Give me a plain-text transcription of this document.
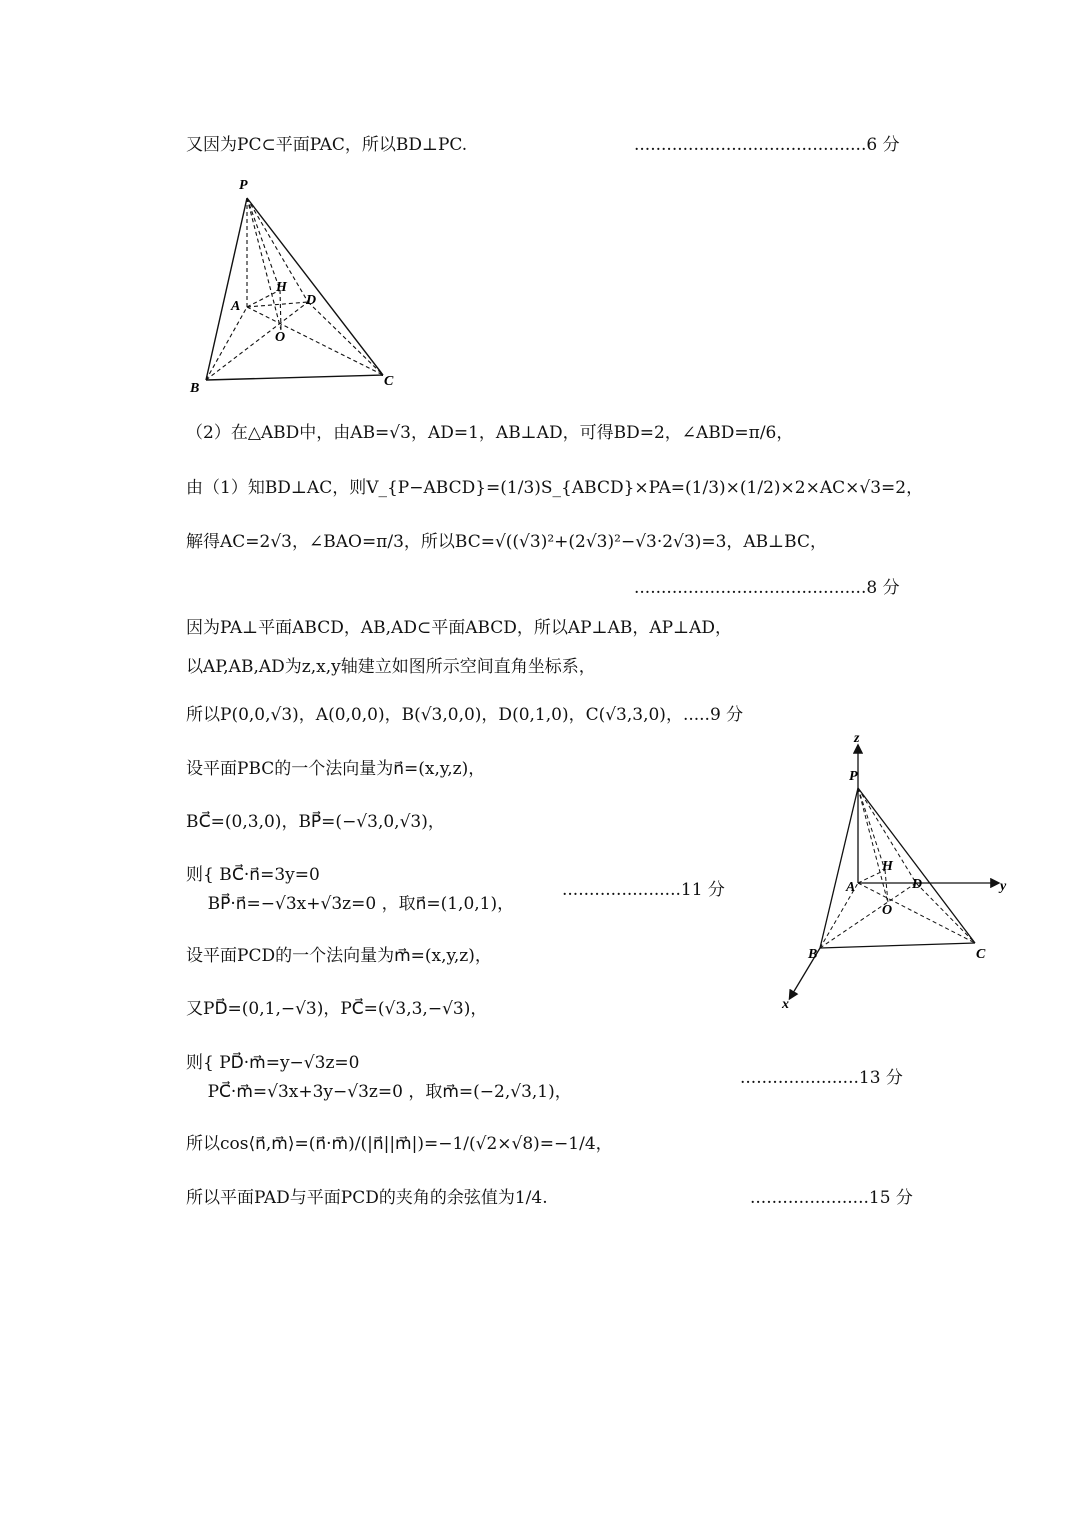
又因为PC⊂平面PAC，所以BD⊥PC.	...........................................6 分
P
A
H
D
O
B	C
（2）在△ABD中，由AB=√3，AD=1，AB⊥AD，可得BD=2，∠ABD=π/6，
由（1）知BD⊥AC，则V_{P−ABCD}=(1/3)S_{ABCD}×PA=(1/3)×(1/2)×2×AC×√3=2，
解得AC=2√3，∠BAO=π/3，所以BC=√((√3)²+(2√3)²−√3·2√3)=3，AB⊥BC，
...........................................8 分
因为PA⊥平面ABCD，AB,AD⊂平面ABCD，所以AP⊥AB，AP⊥AD，
以AP,AB,AD为z,x,y轴建立如图所示空间直角坐标系，
所以P(0,0,√3)，A(0,0,0)，B(√3,0,0)，D(0,1,0)，C(√3,3,0)，.....9 分
设平面PBC的一个法向量为n⃗=(x,y,z)，
BC⃗=(0,3,0)，BP⃗=(−√3,0,√3)，
则{ BC⃗·n⃗=3y=0
BP⃗·n⃗=−√3x+√3z=0 ，取n⃗=(1,0,1)，
......................11 分
设平面PCD的一个法向量为m⃗=(x,y,z)，
又PD⃗=(0,1,−√3)，PC⃗=(√3,3,−√3)，
则{ PD⃗·m⃗=y−√3z=0
PC⃗·m⃗=√3x+3y−√3z=0 ，取m⃗=(−2,√3,1)，
......................13 分
所以cos⟨n⃗,m⃗⟩=(n⃗·m⃗)/(|n⃗||m⃗|)=−1/(√2×√8)=−1/4，
所以平面PAD与平面PCD的夹角的余弦值为1/4.	......................15 分
z
P
H
A	D	y
O
B	C
x
